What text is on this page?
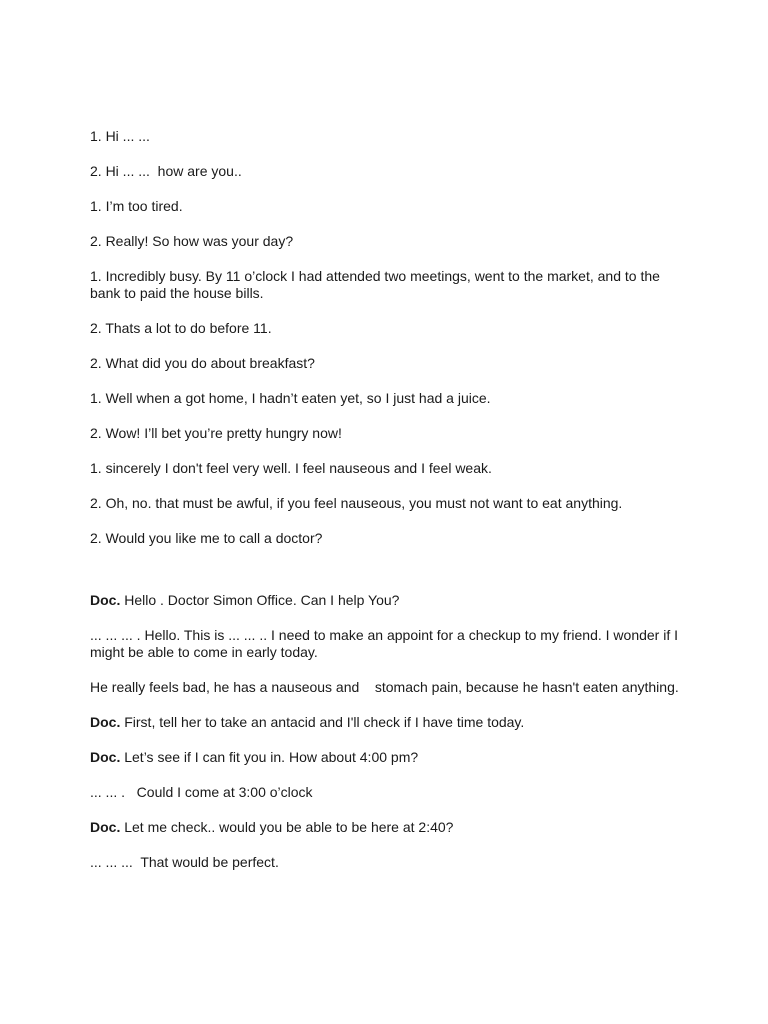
1. Hi ... ...

2. Hi ... ...  how are you..

1. I’m too tired.

2. Really! So how was your day?

1. Incredibly busy. By 11 o’clock I had attended two meetings, went to the market, and to the bank to paid the house bills.

2. Thats a lot to do before 11.

2. What did you do about breakfast?

1. Well when a got home, I hadn’t eaten yet, so I just had a juice.

2. Wow! I’ll bet you’re pretty hungry now!

1. sincerely I don't feel very well. I feel nauseous and I feel weak.

2. Oh, no. that must be awful, if you feel nauseous, you must not want to eat anything.

2. Would you like me to call a doctor?

Doc. Hello . Doctor Simon Office. Can I help You?

... ... ... . Hello. This is ... ... .. I need to make an appoint for a checkup to my friend. I wonder if I might be able to come in early today.

He really feels bad, he has a nauseous and    stomach pain, because he hasn't eaten anything.

Doc. First, tell her to take an antacid and I'll check if I have time today.

Doc. Let’s see if I can fit you in. How about 4:00 pm?

... ... .   Could I come at 3:00 o’clock

Doc. Let me check.. would you be able to be here at 2:40?

... ... ...  That would be perfect.
